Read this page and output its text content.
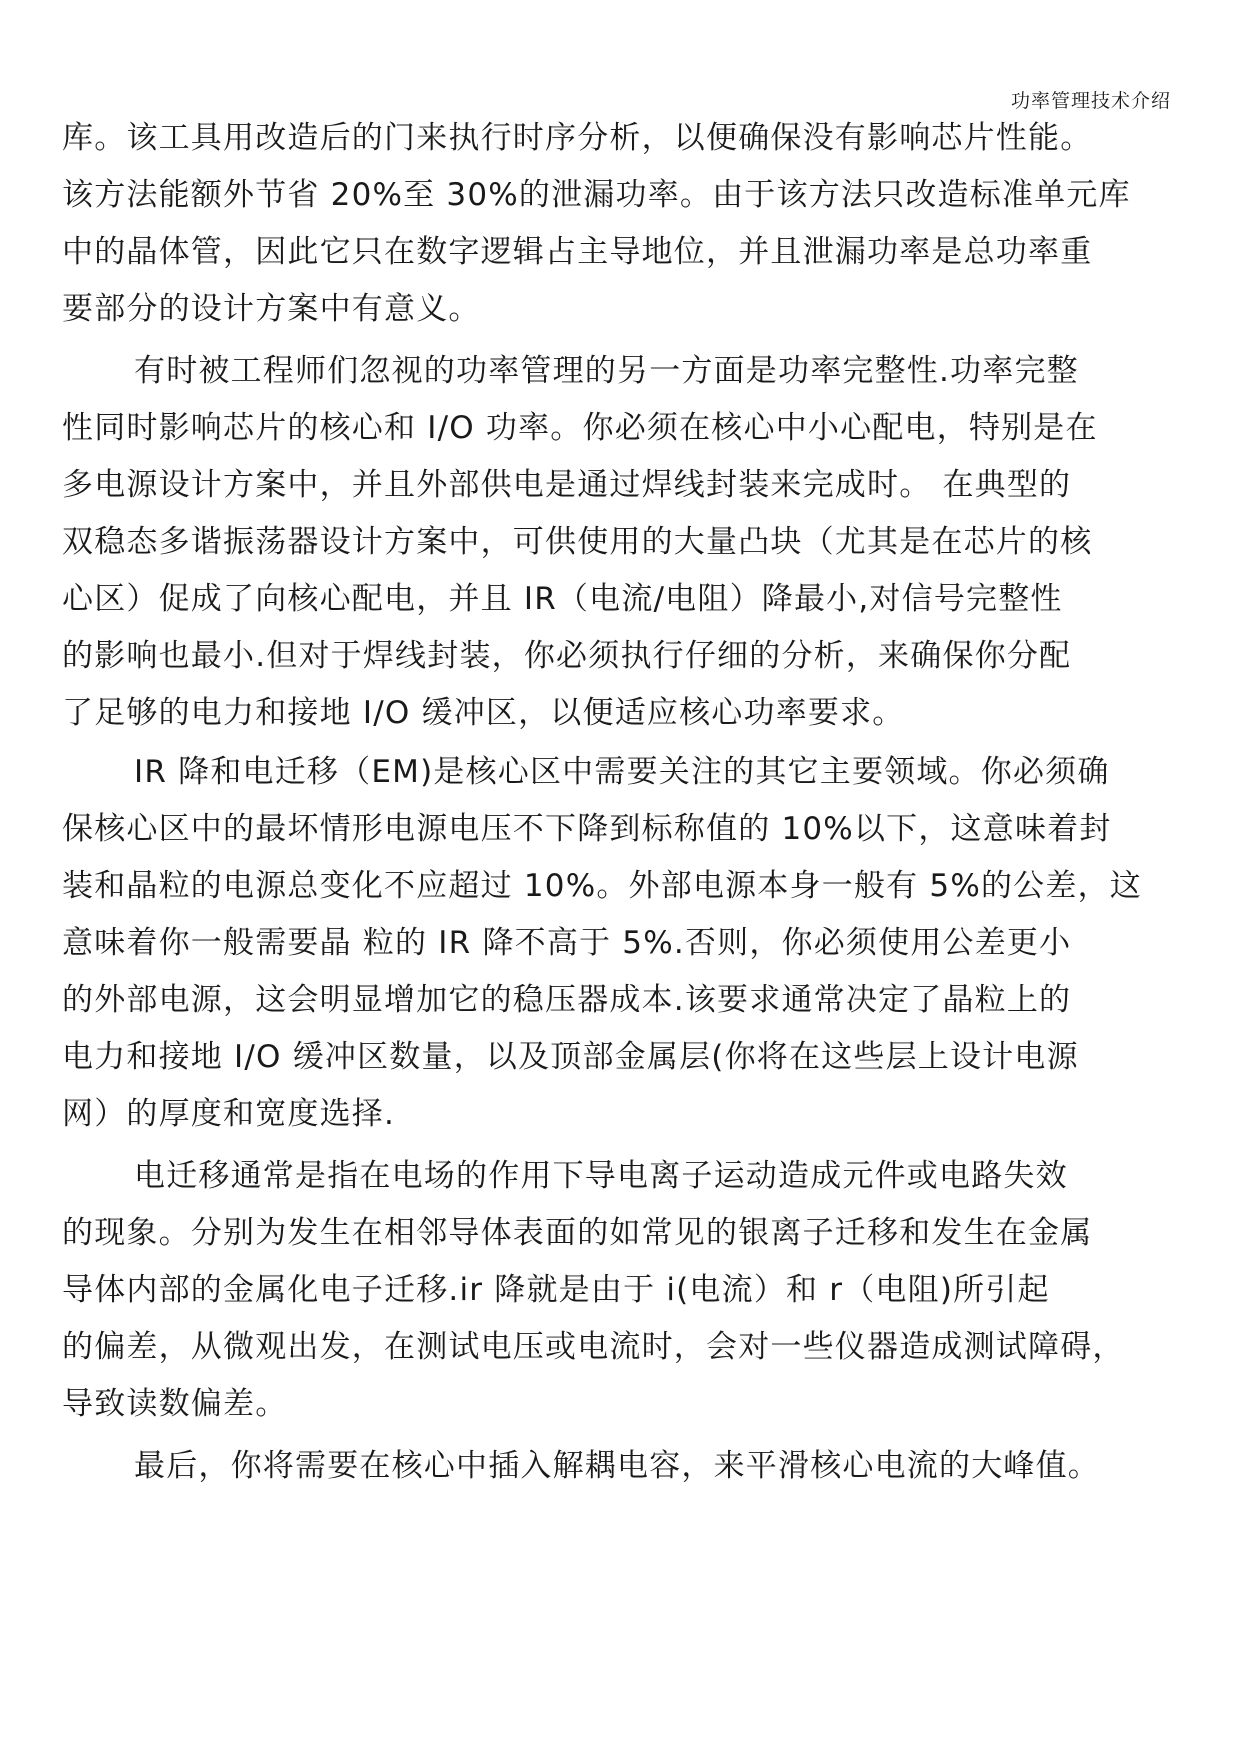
功率管理技术介绍
库。该工具用改造后的门来执行时序分析，以便确保没有影响芯片性能。
该方法能额外节省 20%至 30%的泄漏功率。由于该方法只改造标准单元库
中的晶体管，因此它只在数字逻辑占主导地位，并且泄漏功率是总功率重
要部分的设计方案中有意义。
有时被工程师们忽视的功率管理的另一方面是功率完整性.功率完整
性同时影响芯片的核心和 I/O 功率。你必须在核心中小心配电，特别是在
多电源设计方案中，并且外部供电是通过焊线封装来完成时。 在典型的
双稳态多谐振荡器设计方案中，可供使用的大量凸块（尤其是在芯片的核
心区）促成了向核心配电，并且 IR（电流/电阻）降最小,对信号完整性
的影响也最小.但对于焊线封装，你必须执行仔细的分析，来确保你分配
了足够的电力和接地 I/O 缓冲区，以便适应核心功率要求。
IR 降和电迁移（EM)是核心区中需要关注的其它主要领域。你必须确
保核心区中的最坏情形电源电压不下降到标称值的 10%以下，这意味着封
装和晶粒的电源总变化不应超过 10%。外部电源本身一般有 5%的公差，这
意味着你一般需要晶 粒的 IR 降不高于 5%.否则，你必须使用公差更小
的外部电源，这会明显增加它的稳压器成本.该要求通常决定了晶粒上的
电力和接地 I/O 缓冲区数量，以及顶部金属层(你将在这些层上设计电源
网）的厚度和宽度选择.
电迁移通常是指在电场的作用下导电离子运动造成元件或电路失效
的现象。分别为发生在相邻导体表面的如常见的银离子迁移和发生在金属
导体内部的金属化电子迁移.ir 降就是由于 i(电流）和 r（电阻)所引起
的偏差，从微观出发，在测试电压或电流时，会对一些仪器造成测试障碍，
导致读数偏差。
最后，你将需要在核心中插入解耦电容，来平滑核心电流的大峰值。
